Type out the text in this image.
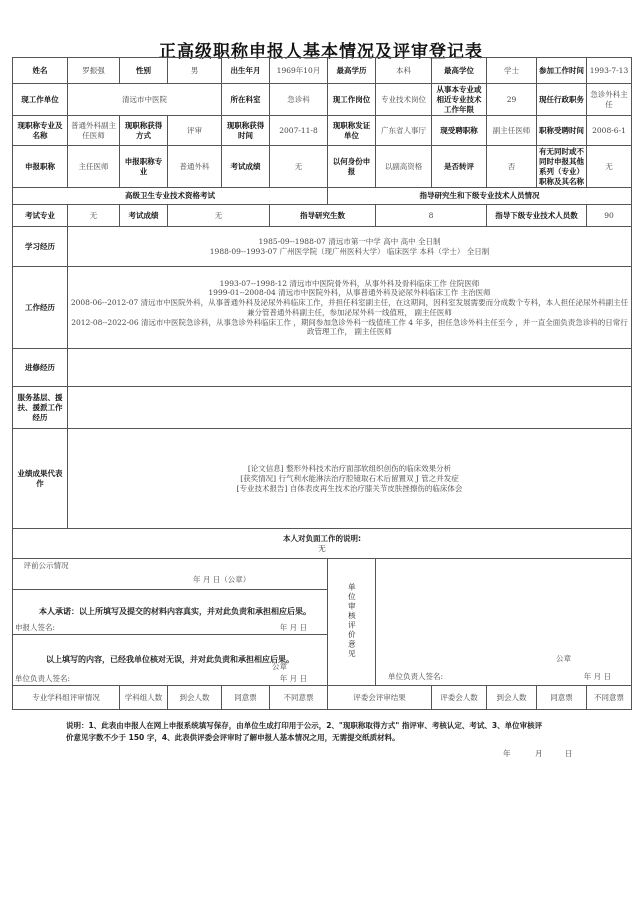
正高级职称申报人基本情况及评审登记表
姓名	罗振强	性别	男	出生年月	1969年10月	最高学历	本科	最高学位	学士	参加工作时间	1993-7-13
现工作单位	清远市中医院			所在科室	急诊科	现工作岗位	专业技术岗位	从事本专业或相近专业技术工作年限	29	现任行政职务	急诊外科主任
现职称专业及名称	普通外科副主任医师	现职称获得方式	评审	现职称获得时间	2007-11-8	现职称发证单位	广东省人事厅	现受聘职称	副主任医师	职称受聘时间	2008-6-1
申报职称	主任医师	申报职称专业	普通外科	考试成绩	无	以何身份申报	以副高资格	是否转评	否	有无同时或不同时申报其他系列（专业）职称及其名称	无
高级卫生专业技术资格考试						指导研究生和下级专业技术人员情况					
考试专业	无	考试成绩	无		指导研究生数		8		指导下级专业技术人员数		90
学习经历	1985-09--1988-07 清远市第一中学 高中 高中 全日制
1988-09--1993-07 广州医学院（现广州医科大学） 临床医学 本科（学士） 全日制										

工作经历	1993-07--1998-12 清远市中医院骨外科，从事外科及骨科临床工作 住院医师
1999-01--2008-04 清远市中医院外科，从事普通外科及泌尿外科临床工作 主治医师
2008-06--2012-07 清远市中医院外科，从事普通外科及泌尿外科临床工作，并担任科室副主任，在这期间，因科室发展需要而分成数个专科，本人担任泌尿外科副主任兼分管普通外科副主任，参加泌尿外科一线值班， 副主任医师
2012-08--2022-06 清远市中医院急诊科，从事急诊外科临床工作 ，期间参加急诊外科一线值班工作 4 年多，担任急诊外科主任至今 ，并一直全面负责急诊科的日常行政管理工作， 副主任医师										

进修经历											
服务基层、援扶、援派工作经历											
业绩成果代表作	[论文信息] 整形外科技术治疗面部软组织创伤的临床效果分析
[获奖情况] 行气利水能淋法治疗腔镜取石术后留置双 J 管之并发症
[专业技术报告] 自体表皮再生技术治疗膝关节皮肤挫擦伤的临床体会										

本人对负面工作的说明:
无											

评前公示情况
年 月 日（公章）						单位审核评价意见	公章
单位负责人签名: 年 月 日				

本人承诺：以上所填写及提交的材料内容真实，并对此负责和承担相应后果。
申报人签名: 年 月 日											

以上填写的内容，已经我单位核对无误，并对此负责和承担相应后果。
公章
单位负责人签名: 年 月 日											

专业学科组评审情况		学科组人数	到会人数	同意票	不同意票	评委会评审结果		评委会人数	到会人数	同意票	不同意票
说明：1、此表由申报人在网上申报系统填写保存，由单位生成打印用于公示，2、"现职称取得方式" 指评审、考核认定、考试、3、单位审核评
价意见字数不少于 150 字，4、此表供评委会评审时了解申报人基本情况之用，无需提交纸质材料。
年	月	日
